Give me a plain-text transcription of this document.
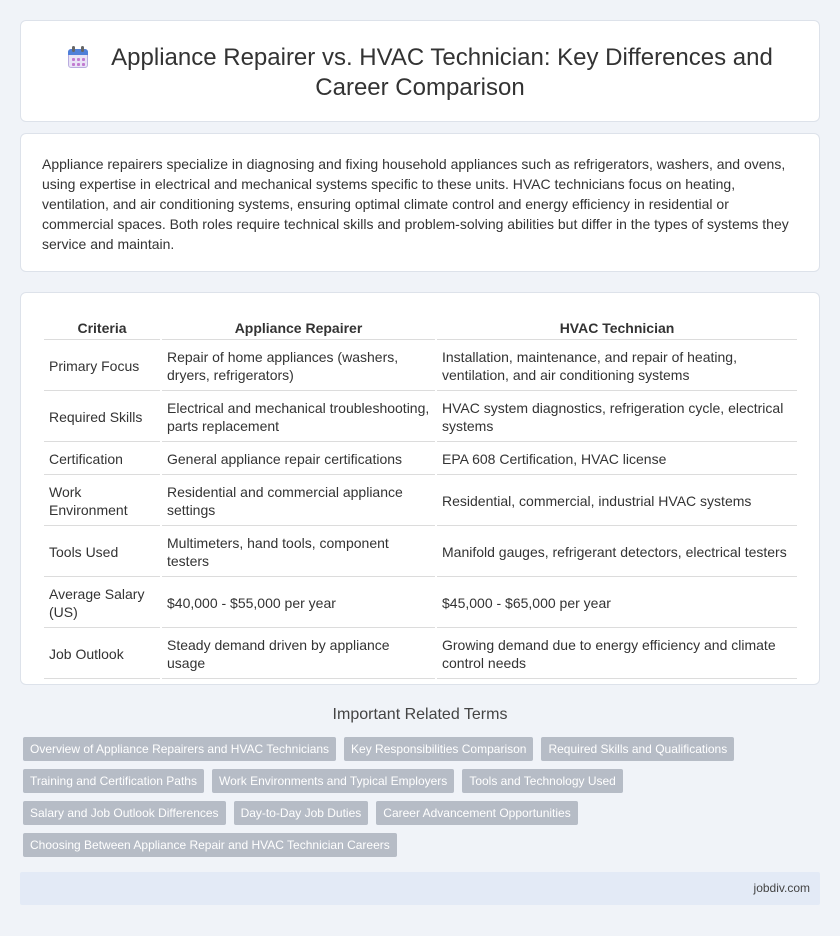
Appliance Repairer vs. HVAC Technician: Key Differences and
Career Comparison

Appliance repairers specialize in diagnosing and fixing household appliances such as refrigerators, washers, and ovens, using expertise in electrical and mechanical systems specific to these units. HVAC technicians focus on heating, ventilation, and air conditioning systems, ensuring optimal climate control and energy efficiency in residential or commercial spaces. Both roles require technical skills and problem-solving abilities but differ in the types of systems they service and maintain.

Criteria	Appliance Repairer	HVAC Technician
Primary Focus	Repair of home appliances (washers, dryers, refrigerators)	Installation, maintenance, and repair of heating, ventilation, and air conditioning systems
Required Skills	Electrical and mechanical troubleshooting, parts replacement	HVAC system diagnostics, refrigeration cycle, electrical systems
Certification	General appliance repair certifications	EPA 608 Certification, HVAC license
Work Environment	Residential and commercial appliance settings	Residential, commercial, industrial HVAC systems
Tools Used	Multimeters, hand tools, component testers	Manifold gauges, refrigerant detectors, electrical testers
Average Salary (US)	$40,000 - $55,000 per year	$45,000 - $65,000 per year
Job Outlook	Steady demand driven by appliance usage	Growing demand due to energy efficiency and climate control needs
Important Related Terms
Overview of Appliance Repairers and HVAC Technicians Key Responsibilities Comparison Required Skills and Qualifications
Training and Certification Paths Work Environments and Typical Employers Tools and Technology Used
Salary and Job Outlook Differences Day-to-Day Job Duties Career Advancement Opportunities
Choosing Between Appliance Repair and HVAC Technician Careers
jobdiv.com
